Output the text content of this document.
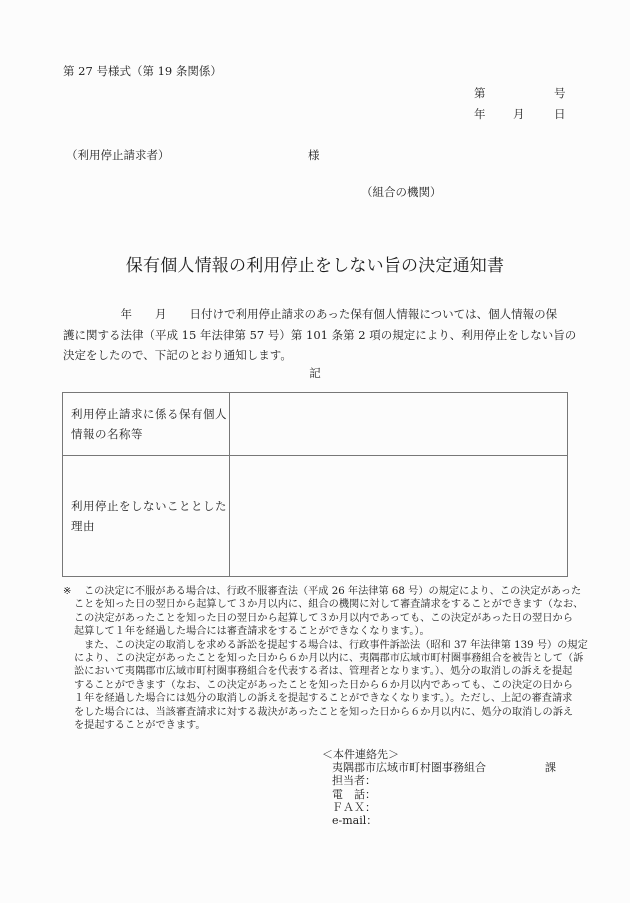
第 27 号様式（第 19 条関係）
第	号
年 月	日
（利用停止請求者）	様
（組合の機関）
保有個人情報の利用停止をしない旨の決定通知書
　　　　　年　　月　　日付けで利用停止請求のあった保有個人情報については、個人情報の保
護に関する法律（平成 15 年法律第 57 号）第 101 条第 2 項の規定により、利用停止をしない旨の
決定をしたので、下記のとおり通知します。
記
利用停止請求に係る保有個人
情報の名称等	

利用停止をしないこととした
理由	

※	この決定に不服がある場合は、行政不服審査法（平成 26 年法律第 68 号）の規定により、この決定があった
ことを知った日の翌日から起算して３か月以内に、組合の機関に対して審査請求をすることができます（なお、
この決定があったことを知った日の翌日から起算して３か月以内であっても、この決定があった日の翌日から
起算して１年を経過した場合には審査請求をすることができなくなります。）。
また、この決定の取消しを求める訴訟を提起する場合は、行政事件訴訟法（昭和 37 年法律第 139 号）の規定
により、この決定があったことを知った日から６か月以内に、夷隅郡市広域市町村圏事務組合を被告として（訴
訟において夷隅郡市広域市町村圏事務組合を代表する者は、管理者となります。）、処分の取消しの訴えを提起
することができます（なお、この決定があったことを知った日から６か月以内であっても、この決定の日から
１年を経過した場合には処分の取消しの訴えを提起することができなくなります。）。ただし、上記の審査請求
をした場合には、当該審査請求に対する裁決があったことを知った日から６か月以内に、処分の取消しの訴え
を提起することができます。
＜本件連絡先＞
夷隅郡市広域市町村圏事務組合	課
担当者：
電　話：
ＦＡＸ：
e-mail：
